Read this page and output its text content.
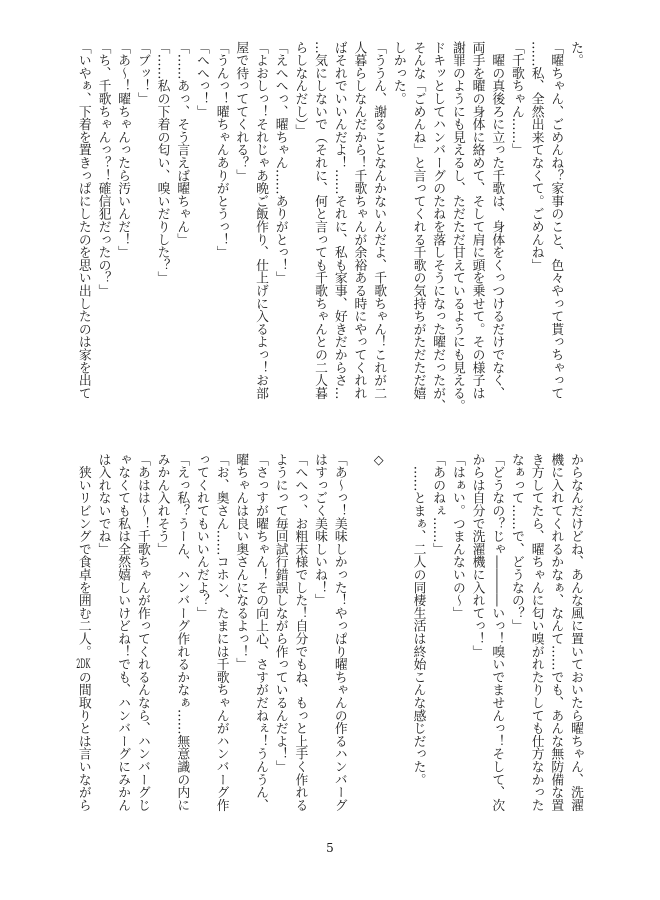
た。
「曜ちゃん、ごめんね？家事のこと、色々やって貰っちゃって
……私、全然出来てなくて。ごめんね」
「千歌ちゃん……」
　曜の真後ろに立った千歌は、身体をくっつけるだけでなく、
両手を曜の身体に絡めて、そして肩に頭を乗せて。その様子は
謝罪のようにも見えるし、ただただ甘えているようにも見える。
ドキッとしてハンバーグのたねを落しそうになった曜だったが、
そんな「ごめんね」と言ってくれる千歌の気持ちがただただ嬉
しかった。
「ううん、謝ることなんかないんだよ、千歌ちゃん！これが二
人暮らしなんだから！千歌ちゃんが余裕ある時にやってくれれ
ばそれでいいんだよ！……それに、私も家事、好きだからさ…
…気にしないで（それに、何と言っても千歌ちゃんとの二人暮
らしなんだし）」
「えへへっ、曜ちゃん……ありがとっ！」
「よおしっ！それじゃあ晩ご飯作り、仕上げに入るよっ！お部
屋で待っててくれる？」
「うんっ！曜ちゃんありがとうっ！」
「へへっ！」
「……あっ、そう言えば曜ちゃん」
「……私の下着の匂い、嗅いだりした？」
「ブッ！」
「あ〜！曜ちゃんったら汚いんだ！」
「ち、千歌ちゃんっ？！確信犯だったの？」
「いやぁ、下着を置きっぱにしたのを思い出したのは家を出て
からなんだけどね、あんな風に置いておいたら曜ちゃん、洗濯
機に入れてくれるかなぁ、なんて……でも、あんな無防備な置
き方してたら、曜ちゃんに匂い嗅がれたりしても仕方なかった
なぁって……で、どうなの？」
「どうなの？じゃ――――いっ！嗅いでませんっ！そして、次
からは自分で洗濯機に入れてっ！」
「はぁい。つまんないの〜」
「あのねぇ……」
　……とまぁ、二人の同棲生活は終始こんな感じだった。
◇
「あ〜っ！美味しかった！やっぱり曜ちゃんの作るハンバーグ
はすっごく美味しいね！」
「へへっ、お粗末様でした！自分でもね、もっと上手く作れる
ようにって毎回試行錯誤しながら作っているんだよ！」
「さっすが曜ちゃん！その向上心、さすがだねぇ！うんうん、
曜ちゃんは良い奥さんになるよっ！」
「お、奥さん……コホン、たまには千歌ちゃんがハンバーグ作
ってくれてもいいんだよ？」
「えっ私？うーん、ハンバーグ作れるかなぁ……無意識の内に
みかん入れそう」
「あはは〜！千歌ちゃんが作ってくれるんなら、ハンバーグじ
ゃなくても私は全然嬉しいけどね！でも、ハンバーグにみかん
は入れないでね」
　狭いリビングで食卓を囲む二人。2DKの間取りとは言いながら
5
